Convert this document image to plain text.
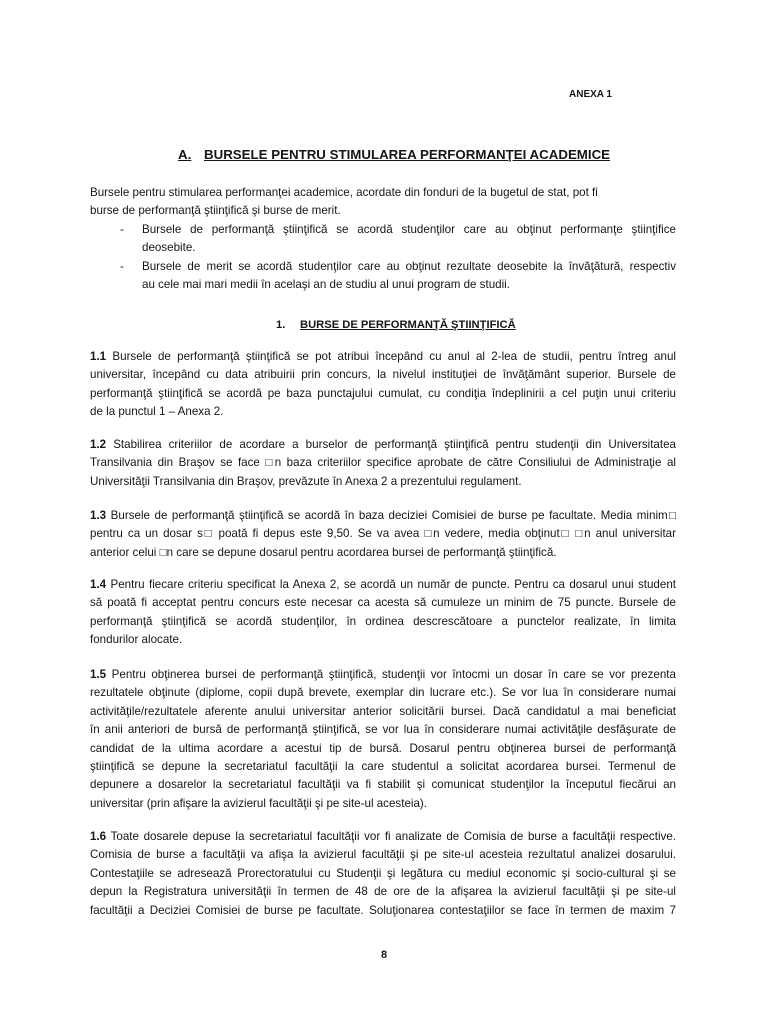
ANEXA 1
A. BURSELE PENTRU STIMULAREA PERFORMANŢEI ACADEMICE
Bursele pentru stimularea performanţei academice, acordate din fonduri de la bugetul de stat, pot fi
burse de performanţă ştiinţifică şi burse de merit.
- Bursele de performanţă ştiinţifică se acordă studenţilor care au obţinut performanţe ştiinţifice
deosebite.
- Bursele de merit se acordă studenţilor care au obţinut rezultate deosebite la învăţătură, respectiv
au cele mai mari medii în acelaşi an de studiu al unui program de studii.
1. BURSE DE PERFORMANŢĂ ŞTIINŢIFICĂ
1.1 Bursele de performanţă ştiinţifică se pot atribui începând cu anul al 2-lea de studii, pentru întreg anul
universitar, începând cu data atribuirii prin concurs, la nivelul instituţiei de învăţământ superior. Bursele de
performanţă ştiinţifică se acordă pe baza punctajului cumulat, cu condiţia îndeplinirii a cel puţin unui criteriu
de la punctul 1 – Anexa 2.
1.2 Stabilirea criteriilor de acordare a burselor de performanţă ştiinţifică pentru studenţii din Universitatea
Transilvania din Braşov se face □n baza criteriilor specifice aprobate de către Consiliului de Administraţie al
Universităţii Transilvania din Braşov, prevăzute în Anexa 2 a prezentului regulament.
1.3 Bursele de performanţă ştiinţifică se acordă în baza deciziei Comisiei de burse pe facultate. Media minim□
pentru ca un dosar s□ poată fi depus este 9,50. Se va avea □n vedere, media obţinut□ □n anul universitar
anterior celui □n care se depune dosarul pentru acordarea bursei de performanţă ştiinţifică.
1.4 Pentru fiecare criteriu specificat la Anexa 2, se acordă un număr de puncte. Pentru ca dosarul unui student
să poată fi acceptat pentru concurs este necesar ca acesta să cumuleze un minim de 75 puncte. Bursele de
performanţă ştiinţifică se acordă studenţilor, în ordinea descrescătoare a punctelor realizate, în limita
fondurilor alocate.
1.5 Pentru obţinerea bursei de performanţă ştiinţifică, studenţii vor întocmi un dosar în care se vor prezenta
rezultatele obţinute (diplome, copii după brevete, exemplar din lucrare etc.). Se vor lua în considerare numai
activităţile/rezultatele aferente anului universitar anterior solicitării bursei. Dacă candidatul a mai beneficiat
în anii anteriori de bursă de performanţă ştiinţifică, se vor lua în considerare numai activităţile desfăşurate de
candidat de la ultima acordare a acestui tip de bursă. Dosarul pentru obţinerea bursei de performanţă
ştiinţifică se depune la secretariatul facultăţii la care studentul a solicitat acordarea bursei. Termenul de
depunere a dosarelor la secretariatul facultăţii va fi stabilit şi comunicat studenţilor la începutul fiecărui an
universitar (prin afişare la avizierul facultăţii şi pe site-ul acesteia).
1.6 Toate dosarele depuse la secretariatul facultăţii vor fi analizate de Comisia de burse a facultăţii respective.
Comisia de burse a facultăţii va afişa la avizierul facultăţii şi pe site-ul acesteia rezultatul analizei dosarului.
Contestaţiile se adresează Prorectoratului cu Studenţii şi legătura cu mediul economic şi socio-cultural şi se
depun la Registratura universităţii în termen de 48 de ore de la afişarea la avizierul facultăţii şi pe site-ul
facultăţii a Deciziei Comisiei de burse pe facultate. Soluţionarea contestaţiilor se face în termen de maxim 7
8
